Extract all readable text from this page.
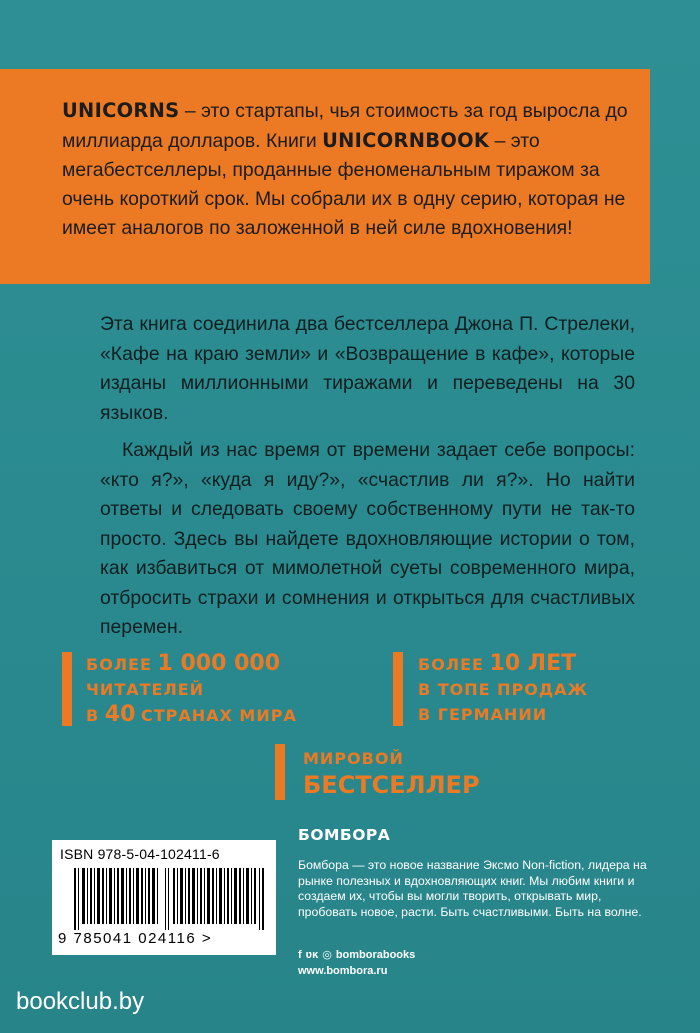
UNICORNS – это стартапы, чья стоимость за год выросла до миллиарда долларов. Книги UNICORNBOOK – это мегабестселлеры, проданные феноменальным тиражом за очень короткий срок. Мы собрали их в одну серию, которая не имеет аналогов по заложенной в ней силе вдохновения!

Эта книга соединила два бестселлера Джона П. Стрелеки, «Кафе на краю земли» и «Возвращение в кафе», которые изданы миллионными тиражами и переведены на 30 языков.

Каждый из нас время от времени задает себе вопросы: «кто я?», «куда я иду?», «счастлив ли я?». Но найти ответы и следовать своему собственному пути не так-то просто. Здесь вы найдете вдохновляющие истории о том, как избавиться от мимолетной суеты современного мира, отбросить страхи и сомнения и открыться для счастливых перемен.

БОЛЕЕ 1 000 000
ЧИТАТЕЛЕЙ
В 40 СТРАНАХ МИРА
БОЛЕЕ 10 ЛЕТ
В ТОПЕ ПРОДАЖ
В ГЕРМАНИИ
МИРОВОЙ
БЕСТСЕЛЛЕР
ISBN 978-5-04-102411-6
9 785041 024116 >
БОМБОРА
Бомбора — это новое название Эксмо Non-fiction, лидера на рынке полезных и вдохновляющих книг. Мы любим книги и создаем их, чтобы вы могли творить, открывать мир, пробовать новое, расти. Быть счастливыми. Быть на волне.
f ʋĸ ◎ bomborabooks
www.bombora.ru
bookclub.by
